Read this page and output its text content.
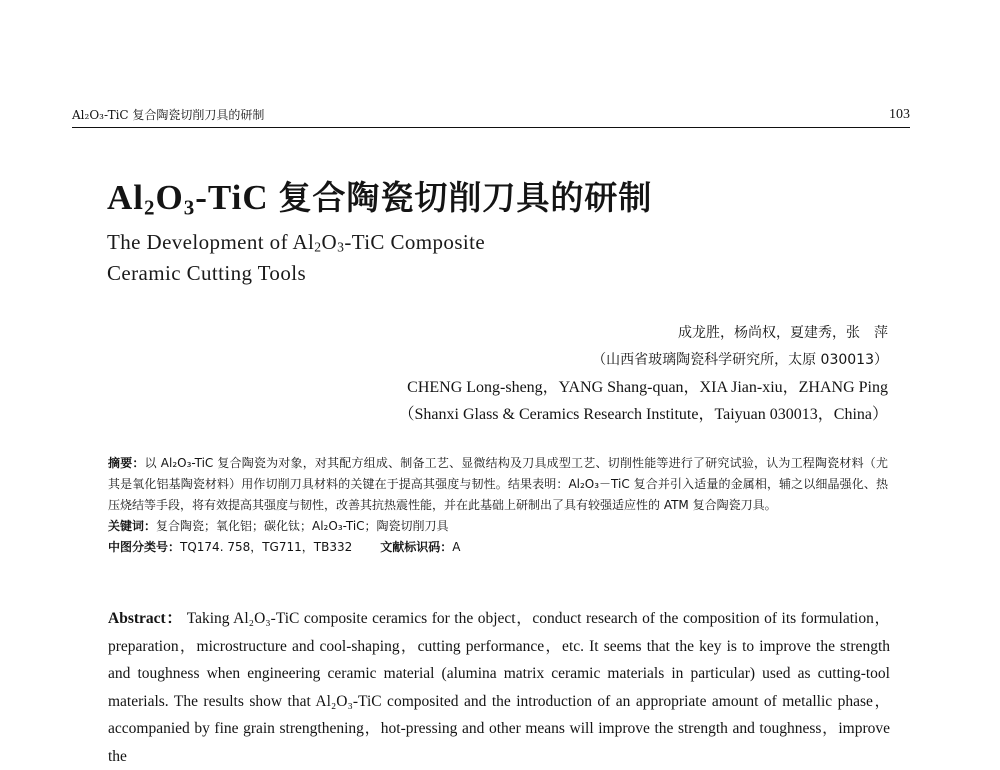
Al₂O₃-TiC 复合陶瓷切削刀具的研制	103
$Al_2O_3$-TiC 复合陶瓷切削刀具的研制
The Development of $Al_2O_3$-TiC Composite
Ceramic Cutting Tools
成龙胜，杨尚权，夏建秀，张　萍
（山西省玻璃陶瓷科学研究所，太原 030013）
CHENG Long-sheng，YANG Shang-quan，XIA Jian-xiu，ZHANG Ping
（Shanxi Glass & Ceramics Research Institute，Taiyuan 030013，China）
摘要：以 Al₂O₃-TiC 复合陶瓷为对象，对其配方组成、制备工艺、显微结构及刀具成型工艺、切削性能等进行了研究试验，认为工程陶瓷材料（尤其是氧化铝基陶瓷材料）用作切削刀具材料的关键在于提高其强度与韧性。结果表明：Al₂O₃－TiC 复合并引入适量的金属相，辅之以细晶强化、热压烧结等手段，将有效提高其强度与韧性，改善其抗热震性能，并在此基础上研制出了具有较强适应性的 ATM 复合陶瓷刀具。
关键词：复合陶瓷；氧化铝；碳化钛；Al₂O₃-TiC；陶瓷切削刀具
中图分类号：TQ174. 758，TG711，TB332 文献标识码：A
Abstract： Taking Al₂O₃-TiC composite ceramics for the object，conduct research of the composition of its formulation，preparation，microstructure and cool-shaping，cutting performance，etc. It seems that the key is to improve the strength and toughness when engineering ceramic material (alumina matrix ceramic materials in particular) used as cutting-tool materials. The results show that Al₂O₃-TiC composited and the introduction of an appropriate amount of metallic phase，accompanied by fine grain strengthening，hot-pressing and other means will improve the strength and toughness，improve the
